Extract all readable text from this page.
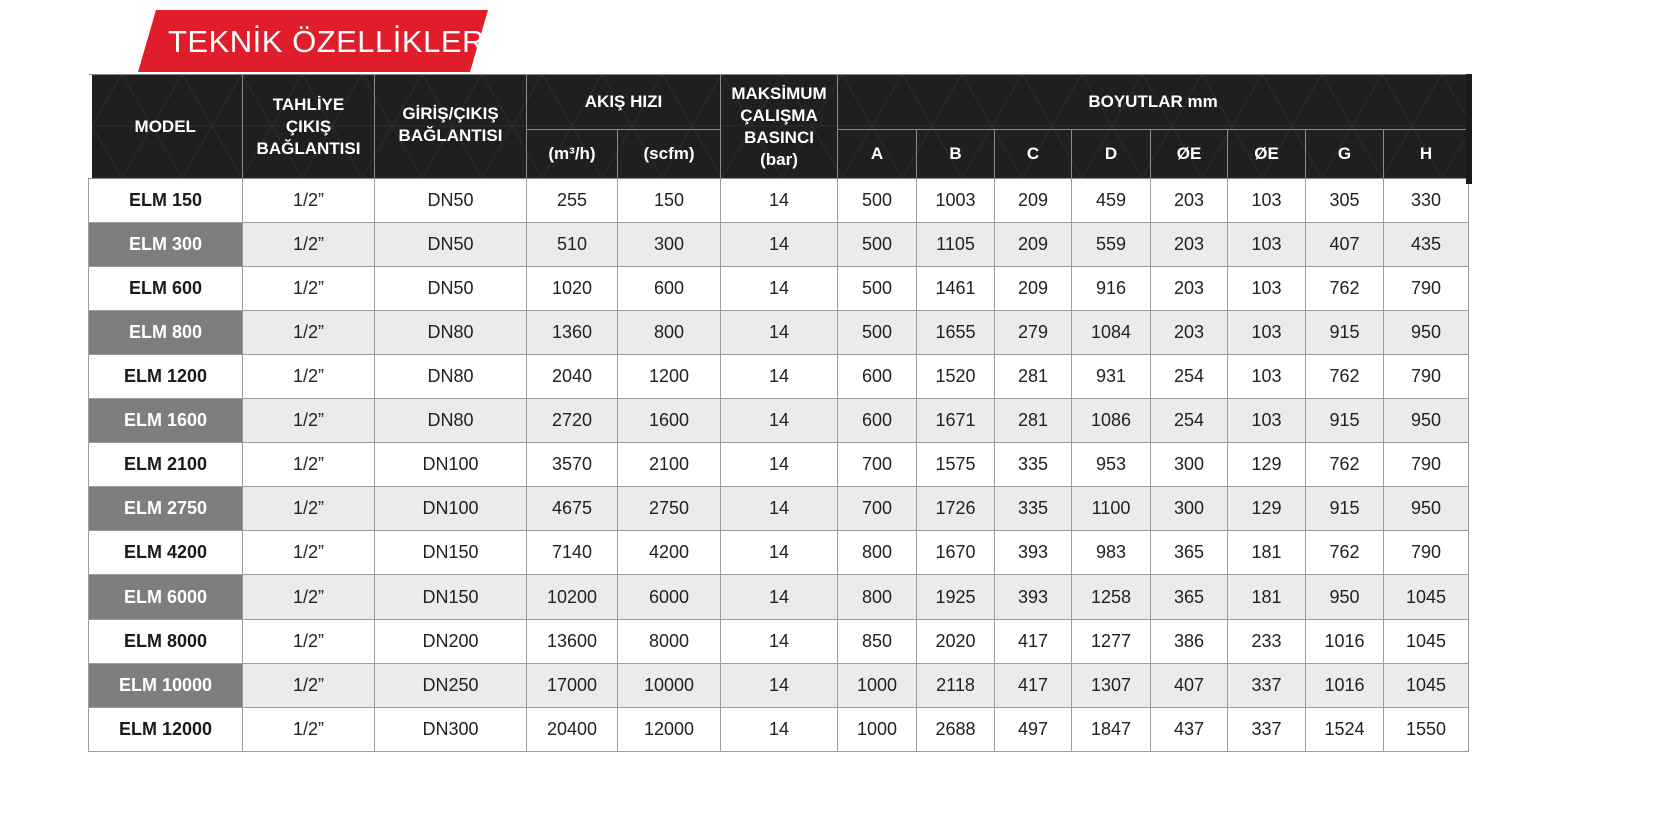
TEKNİK ÖZELLİKLER
MODEL	TAHLİYE ÇIKIŞ BAĞLANTISI	GİRİŞ/ÇIKIŞ BAĞLANTISI	AKIŞ HIZI		MAKSİMUM ÇALIŞMA BASINCI (bar)	BOYUTLAR mm							
			(m³/h)	(scfm)		A	B	C	D	ØE	ØE	G	H
ELM 150	1/2”	DN50	255	150	14	500	1003	209	459	203	103	305	330
ELM 300	1/2”	DN50	510	300	14	500	1105	209	559	203	103	407	435
ELM 600	1/2”	DN50	1020	600	14	500	1461	209	916	203	103	762	790
ELM 800	1/2”	DN80	1360	800	14	500	1655	279	1084	203	103	915	950
ELM 1200	1/2”	DN80	2040	1200	14	600	1520	281	931	254	103	762	790
ELM 1600	1/2”	DN80	2720	1600	14	600	1671	281	1086	254	103	915	950
ELM 2100	1/2”	DN100	3570	2100	14	700	1575	335	953	300	129	762	790
ELM 2750	1/2”	DN100	4675	2750	14	700	1726	335	1100	300	129	915	950
ELM 4200	1/2”	DN150	7140	4200	14	800	1670	393	983	365	181	762	790
ELM 6000	1/2”	DN150	10200	6000	14	800	1925	393	1258	365	181	950	1045
ELM 8000	1/2”	DN200	13600	8000	14	850	2020	417	1277	386	233	1016	1045
ELM 10000	1/2”	DN250	17000	10000	14	1000	2118	417	1307	407	337	1016	1045
ELM 12000	1/2”	DN300	20400	12000	14	1000	2688	497	1847	437	337	1524	1550
